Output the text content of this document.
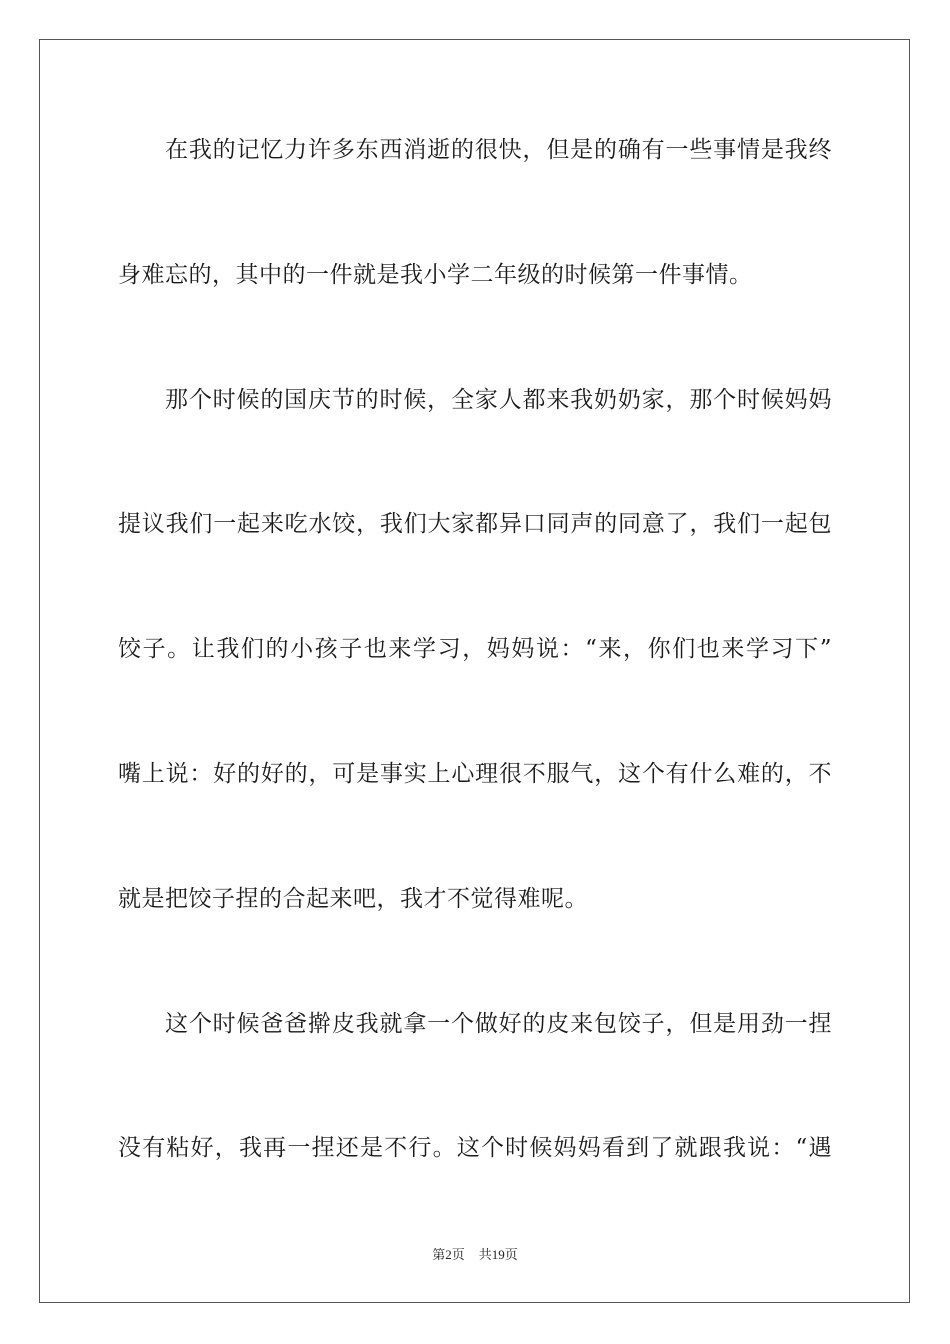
在我的记忆力许多东西消逝的很快，但是的确有一些事情是我终
身难忘的，其中的一件就是我小学二年级的时候第一件事情。
那个时候的国庆节的时候，全家人都来我奶奶家，那个时候妈妈
提议我们一起来吃水饺，我们大家都异口同声的同意了，我们一起包
饺子。让我们的小孩子也来学习，妈妈说：“来，你们也来学习下”
嘴上说：好的好的，可是事实上心理很不服气，这个有什么难的，不
就是把饺子捏的合起来吧，我才不觉得难呢。
这个时候爸爸擀皮我就拿一个做好的皮来包饺子，但是用劲一捏
没有粘好，我再一捏还是不行。这个时候妈妈看到了就跟我说：“遇
第2页 共19页
